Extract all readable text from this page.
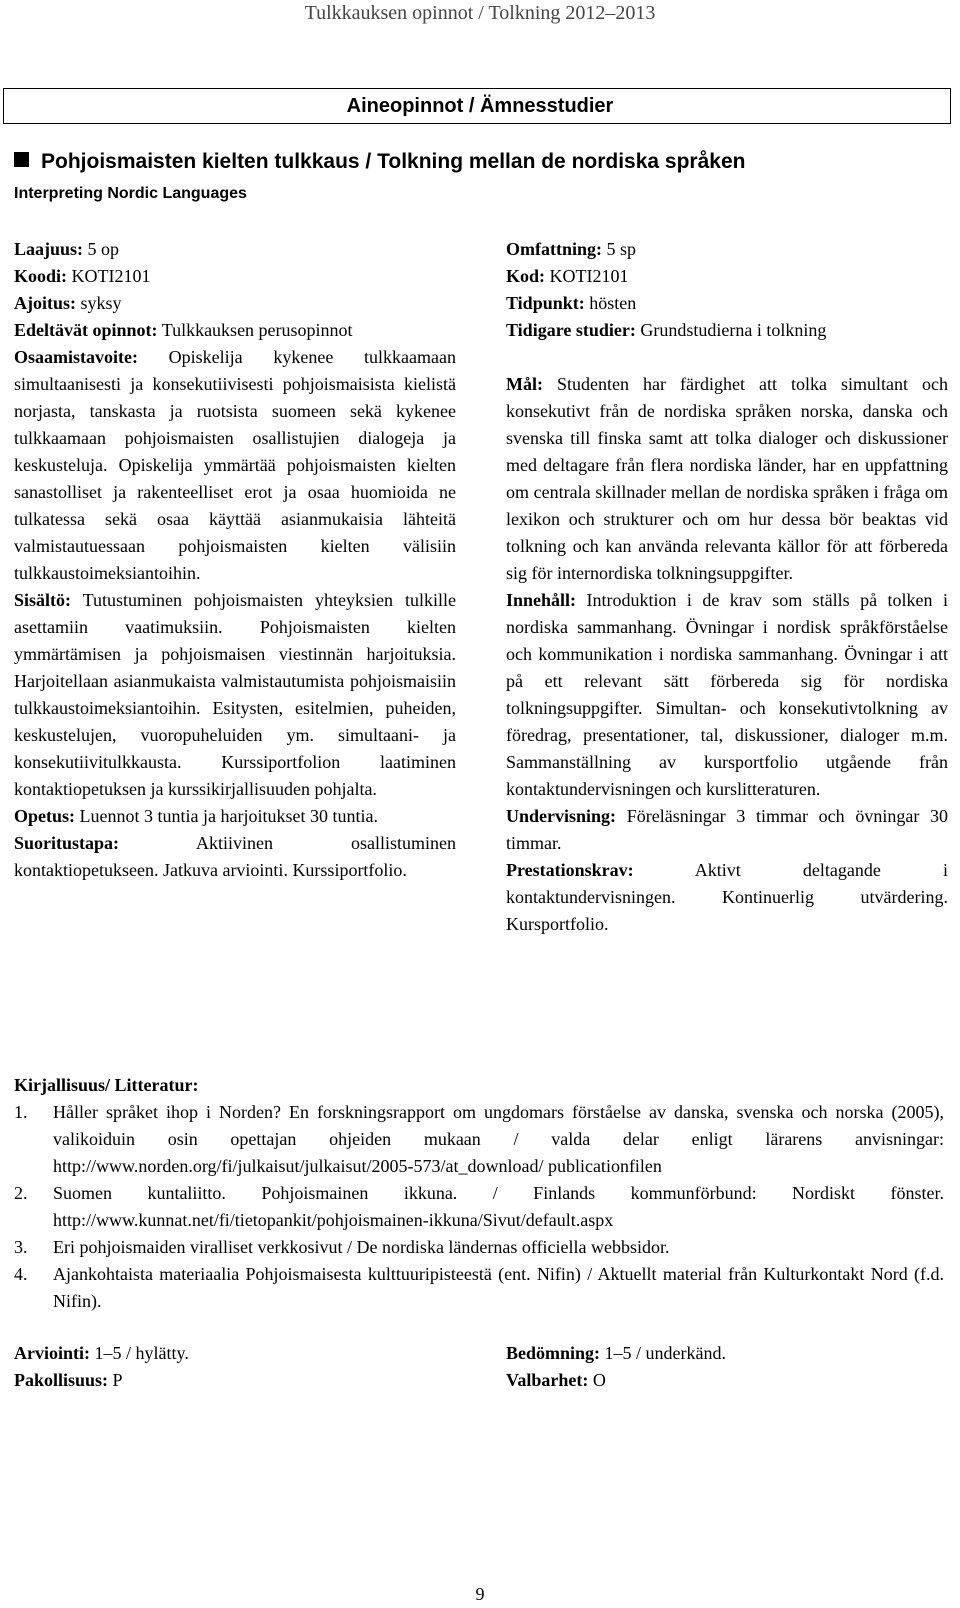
Tulkkauksen opinnot / Tolkning 2012–2013
Aineopinnot / Ämnesstudier
Pohjoismaisten kielten tulkkaus / Tolkning mellan de nordiska språken
Interpreting Nordic Languages

Laajuus: 5 op

Koodi: KOTI2101

Ajoitus: syksy

Edeltävät opinnot: Tulkkauksen perusopinnot

Osaamistavoite: Opiskelija kykenee tulkkaamaan simultaanisesti ja konsekutiivisesti pohjoismaisista kielistä norjasta, tanskasta ja ruotsista suomeen sekä kykenee tulkkaamaan pohjoismaisten osallistujien dialogeja ja keskusteluja. Opiskelija ymmärtää pohjoismaisten kielten sanastolliset ja rakenteelliset erot ja osaa huomioida ne tulkatessa sekä osaa käyttää asianmukaisia lähteitä valmistautuessaan pohjoismaisten kielten välisiin tulkkaustoimeksiantoihin.

Sisältö: Tutustuminen pohjoismaisten yhteyksien tulkille asettamiin vaatimuksiin. Pohjoismaisten kielten ymmärtämisen ja pohjoismaisen viestinnän harjoituksia. Harjoitellaan asianmukaista valmistautumista pohjoismaisiin tulkkaustoimeksiantoihin. Esitysten, esitelmien, puheiden, keskustelujen, vuoropuheluiden ym. simultaani- ja konsekutiivitulkkausta. Kurssiportfolion laatiminen kontaktiopetuksen ja kurssikirjallisuuden pohjalta.

Opetus: Luennot 3 tuntia ja harjoitukset 30 tuntia.

Suoritustapa: Aktiivinen osallistuminen kontaktiopetukseen. Jatkuva arviointi. Kurssiportfolio.

Omfattning: 5 sp

Kod: KOTI2101

Tidpunkt: hösten

Tidigare studier: Grundstudierna i tolkning

Mål: Studenten har färdighet att tolka simultant och konsekutivt från de nordiska språken norska, danska och svenska till finska samt att tolka dialoger och diskussioner med deltagare från flera nordiska länder, har en uppfattning om centrala skillnader mellan de nordiska språken i fråga om lexikon och strukturer och om hur dessa bör beaktas vid tolkning och kan använda relevanta källor för att förbereda sig för internordiska tolkningsuppgifter.

Innehåll: Introduktion i de krav som ställs på tolken i nordiska sammanhang. Övningar i nordisk språkförståelse och kommunikation i nordiska sammanhang. Övningar i att på ett relevant sätt förbereda sig för nordiska tolkningsuppgifter. Simultan- och konsekutivtolkning av föredrag, presentationer, tal, diskussioner, dialoger m.m. Sammanställning av kursportfolio utgående från kontaktundervisningen och kurslitteraturen.

Undervisning: Föreläsningar 3 timmar och övningar 30 timmar.

Prestationskrav: Aktivt deltagande i kontaktundervisningen. Kontinuerlig utvärdering. Kursportfolio.

Kirjallisuus/ Litteratur:
1. Håller språket ihop i Norden? En forskningsrapport om ungdomars förståelse av danska, svenska och norska (2005), valikoiduin osin opettajan ohjeiden mukaan / valda delar enligt lärarens anvisningar: http://www.norden.org/fi/julkaisut/julkaisut/2005-573/at_download/ publicationfilen
2. Suomen kuntaliitto. Pohjoismainen ikkuna. / Finlands kommunförbund: Nordiskt fönster. http://www.kunnat.net/fi/tietopankit/pohjoismainen-ikkuna/Sivut/default.aspx
3. Eri pohjoismaiden viralliset verkkosivut / De nordiska ländernas officiella webbsidor.
4. Ajankohtaista materiaalia Pohjoismaisesta kulttuuripisteestä (ent. Nifin) / Aktuellt material från Kulturkontakt Nord (f.d. Nifin).
Arviointi: 1–5 / hylätty.
Pakollisuus: P
Bedömning: 1–5 / underkänd.
Valbarhet: O
9
